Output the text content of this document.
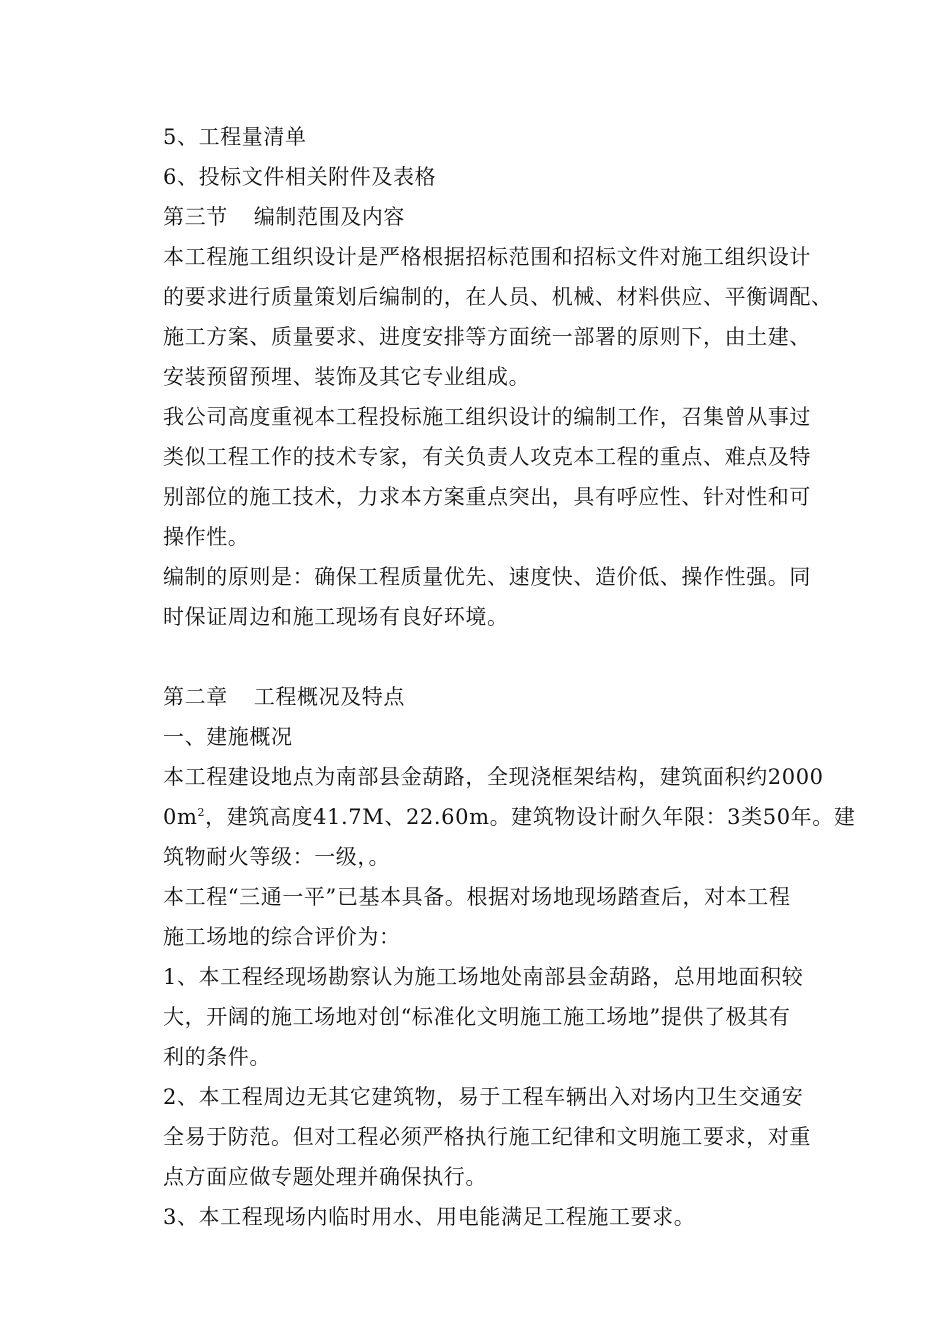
5、工程量清单
6、投标文件相关附件及表格
第三节 编制范围及内容
本工程施工组织设计是严格根据招标范围和招标文件对施工组织设计
的要求进行质量策划后编制的，在人员、机械、材料供应、平衡调配、
施工方案、质量要求、进度安排等方面统一部署的原则下，由土建、
安装预留预埋、装饰及其它专业组成。
我公司高度重视本工程投标施工组织设计的编制工作，召集曾从事过
类似工程工作的技术专家，有关负责人攻克本工程的重点、难点及特
别部位的施工技术，力求本方案重点突出，具有呼应性、针对性和可
操作性。
编制的原则是：确保工程质量优先、速度快、造价低、操作性强。同
时保证周边和施工现场有良好环境。
第二章 工程概况及特点
一、建施概况
本工程建设地点为南部县金葫路，全现浇框架结构，建筑面积约2000
$0m^2$，建筑高度41.7M、22.60m。建筑物设计耐久年限：3类50年。建
筑物耐火等级：一级，。
本工程“三通一平”已基本具备。根据对场地现场踏查后，对本工程
施工场地的综合评价为：
1、本工程经现场勘察认为施工场地处南部县金葫路，总用地面积较
大，开阔的施工场地对创“标准化文明施工施工场地”提供了极其有
利的条件。
2、本工程周边无其它建筑物，易于工程车辆出入对场内卫生交通安
全易于防范。但对工程必须严格执行施工纪律和文明施工要求，对重
点方面应做专题处理并确保执行。
3、本工程现场内临时用水、用电能满足工程施工要求。
